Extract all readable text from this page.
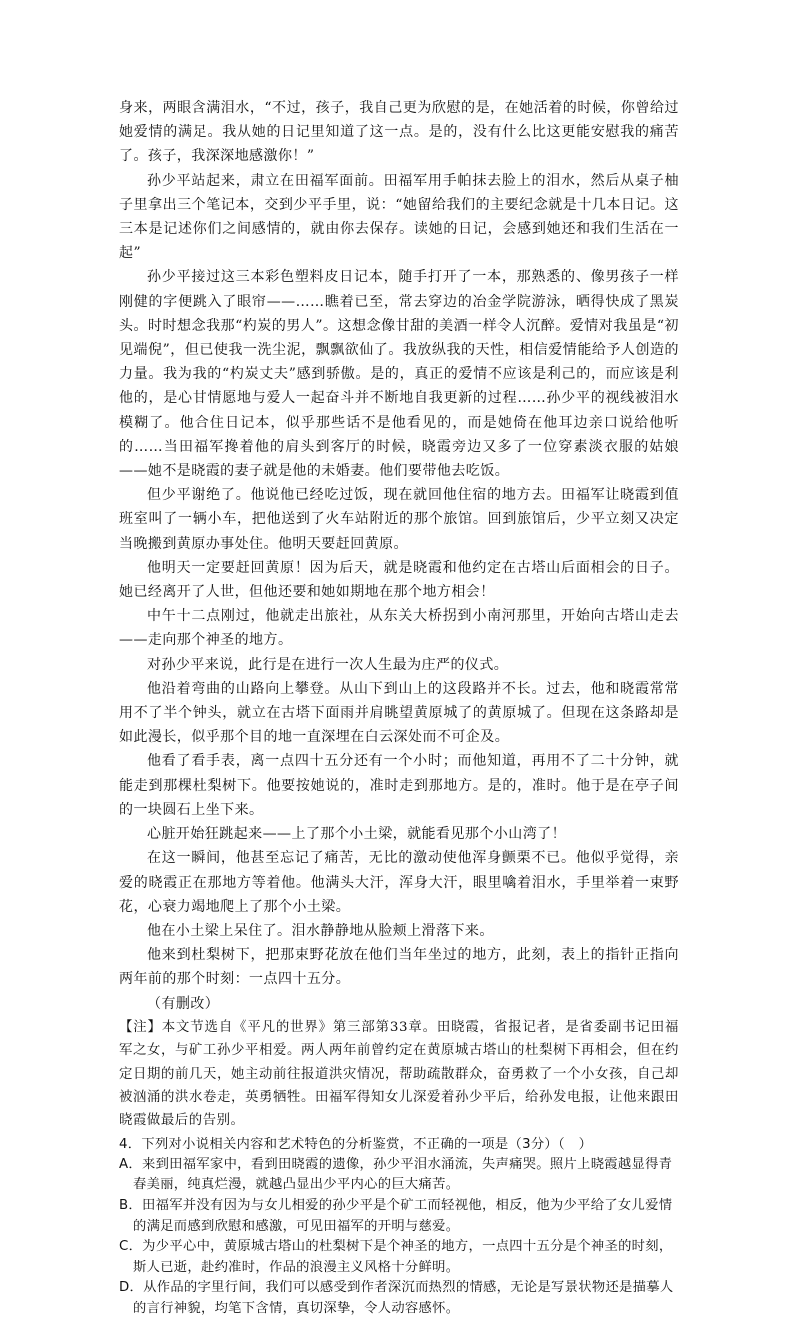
身来，两眼含满泪水，“不过，孩子，我自己更为欣慰的是，在她活着的时候，你曾给过她爱情的满足。我从她的日记里知道了这一点。是的，没有什么比这更能安慰我的痛苦了。孩子，我深深地感激你！”

孙少平站起来，肃立在田福军面前。田福军用手帕抹去脸上的泪水，然后从桌子柚子里拿出三个笔记本，交到少平手里，说：“她留给我们的主要纪念就是十几本日记。这三本是记述你们之间感情的，就由你去保存。读她的日记，会感到她还和我们生活在一起”

孙少平接过这三本彩色塑料皮日记本，随手打开了一本，那熟悉的、像男孩子一样刚健的字便跳入了眼帘——……瞧着已至，常去穿边的冶金学院游泳，晒得快成了黑炭头。时时想念我那“杓炭的男人”。这想念像甘甜的美酒一样令人沉醉。爱情对我虽是“初见端倪”，但已使我一洗尘泥，飘飘欲仙了。我放纵我的天性，相信爱情能给予人创造的力量。我为我的“杓炭丈夫”感到骄傲。是的，真正的爱情不应该是利己的，而应该是利他的，是心甘情愿地与爱人一起奋斗并不断地自我更新的过程……孙少平的视线被泪水模糊了。他合住日记本，似乎那些话不是他看见的，而是她倚在他耳边亲口说给他听的……当田福军搀着他的肩头到客厅的时候，晓霞旁边又多了一位穿素淡衣服的姑娘——她不是晓霞的妻子就是他的未婚妻。他们要带他去吃饭。

但少平谢绝了。他说他已经吃过饭，现在就回他住宿的地方去。田福军让晓霞到值班室叫了一辆小车，把他送到了火车站附近的那个旅馆。回到旅馆后，少平立刻又决定当晚搬到黄原办事处住。他明天要赶回黄原。

他明天一定要赶回黄原！因为后天，就是晓霞和他约定在古塔山后面相会的日子。她已经离开了人世，但他还要和她如期地在那个地方相会！

中午十二点刚过，他就走出旅社，从东关大桥拐到小南河那里，开始向古塔山走去——走向那个神圣的地方。

对孙少平来说，此行是在进行一次人生最为庄严的仪式。

他沿着弯曲的山路向上攀登。从山下到山上的这段路并不长。过去，他和晓霞常常用不了半个钟头，就立在古塔下面雨并肩眺望黄原城了的黄原城了。但现在这条路却是如此漫长，似乎那个目的地一直深埋在白云深处而不可企及。

他看了看手表，离一点四十五分还有一个小时；而他知道，再用不了二十分钟，就能走到那棵杜梨树下。他要按她说的，准时走到那地方。是的，准时。他于是在亭子间的一块圆石上坐下来。

心脏开始狂跳起来——上了那个小土梁，就能看见那个小山湾了！

在这一瞬间，他甚至忘记了痛苦，无比的激动使他浑身颤栗不已。他似乎觉得，亲爱的晓霞正在那地方等着他。他满头大汗，浑身大汗，眼里噙着泪水，手里举着一束野花，心衰力竭地爬上了那个小土梁。

他在小土梁上呆住了。泪水静静地从脸颊上滑落下来。

他来到杜梨树下，把那束野花放在他们当年坐过的地方，此刻，表上的指针正指向两年前的那个时刻：一点四十五分。

（有删改）

【注】本文节选自《平凡的世界》第三部第33章。田晓霞，省报记者，是省委副书记田福军之女，与矿工孙少平相爱。两人两年前曾约定在黄原城古塔山的杜梨树下再相会，但在约定日期的前几天，她主动前往报道洪灾情况，帮助疏散群众，奋勇救了一个小女孩，自己却被汹涌的洪水卷走，英勇牺牲。田福军得知女儿深爱着孙少平后，给孙发电报，让他来跟田晓霞做最后的告别。

4．下列对小说相关内容和艺术特色的分析鉴赏，不正确的一项是（3分）（　）

A．来到田福军家中，看到田晓霞的遗像，孙少平泪水涌流，失声痛哭。照片上晓霞越显得青春美丽，纯真烂漫，就越凸显出少平内心的巨大痛苦。

B．田福军并没有因为与女儿相爱的孙少平是个矿工而轻视他，相反，他为少平给了女儿爱情的满足而感到欣慰和感激，可见田福军的开明与慈爱。

C．为少平心中，黄原城古塔山的杜梨树下是个神圣的地方，一点四十五分是个神圣的时刻，斯人已逝，赴约准时，作品的浪漫主义风格十分鲜明。

D．从作品的字里行间，我们可以感受到作者深沉而热烈的情感，无论是写景状物还是描摹人的言行神貌，均笔下含情，真切深挚，令人动容感怀。
